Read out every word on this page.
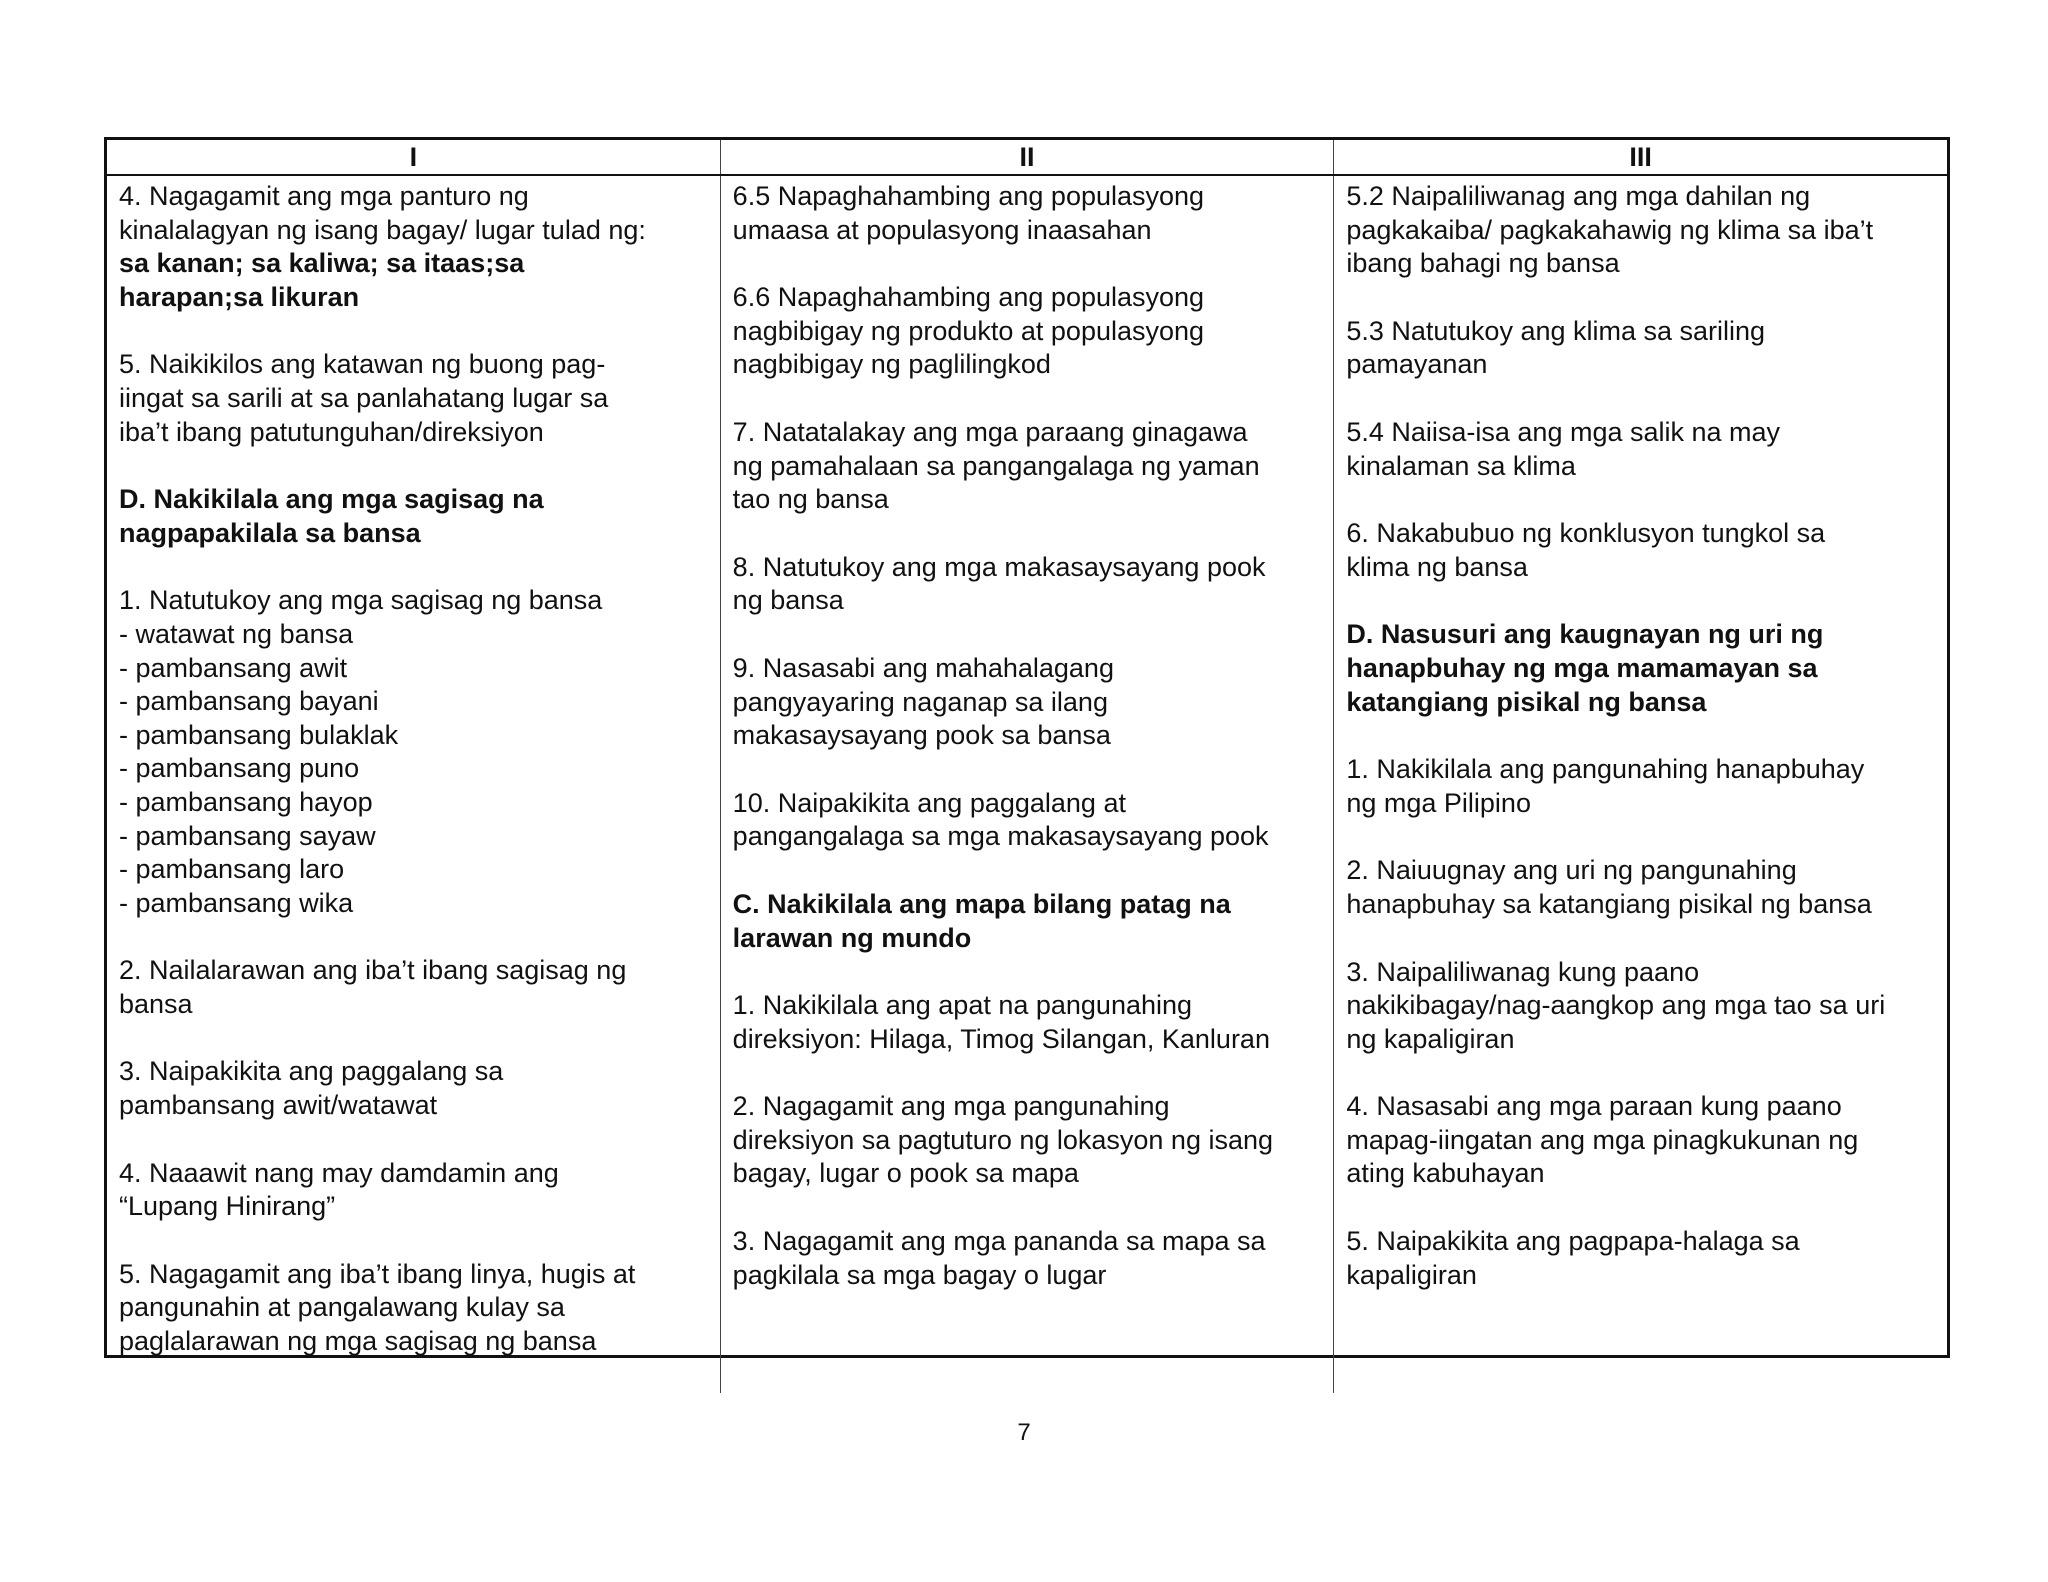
I	II	III
4. Nagagamit ang mga panturo ng
kinalalagyan ng isang bagay/ lugar tulad ng:
sa kanan; sa kaliwa; sa itaas;sa
harapan;sa likuran
5. Naikikilos ang katawan ng buong pag-
iingat sa sarili at sa panlahatang lugar sa
iba’t ibang patutunguhan/direksiyon
D. Nakikilala ang mga sagisag na
nagpapakilala sa bansa
1. Natutukoy ang mga sagisag ng bansa
- watawat ng bansa
- pambansang awit
- pambansang bayani
- pambansang bulaklak
- pambansang puno
- pambansang hayop
- pambansang sayaw
- pambansang laro
- pambansang wika
2. Nailalarawan ang iba’t ibang sagisag ng
bansa
3. Naipakikita ang paggalang sa
pambansang awit/watawat
4. Naaawit nang may damdamin ang
“Lupang Hinirang”
5. Nagagamit ang iba’t ibang linya, hugis at
pangunahin at pangalawang kulay sa
paglalarawan ng mga sagisag ng bansa
6.5 Napaghahambing ang populasyong
umaasa at populasyong inaasahan
6.6 Napaghahambing ang populasyong
nagbibigay ng produkto at populasyong
nagbibigay ng paglilingkod
7. Natatalakay ang mga paraang ginagawa
ng pamahalaan sa pangangalaga ng yaman
tao ng bansa
8. Natutukoy ang mga makasaysayang pook
ng bansa
9. Nasasabi ang mahahalagang
pangyayaring naganap sa ilang
makasaysayang pook sa bansa
10. Naipakikita ang paggalang at
pangangalaga sa mga makasaysayang pook
C. Nakikilala ang mapa bilang patag na
larawan ng mundo
1. Nakikilala ang apat na pangunahing
direksiyon: Hilaga, Timog Silangan, Kanluran
2. Nagagamit ang mga pangunahing
direksiyon sa pagtuturo ng lokasyon ng isang
bagay, lugar o pook sa mapa
3. Nagagamit ang mga pananda sa mapa sa
pagkilala sa mga bagay o lugar
5.2 Naipaliliwanag ang mga dahilan ng
pagkakaiba/ pagkakahawig ng klima sa iba’t
ibang bahagi ng bansa
5.3 Natutukoy ang klima sa sariling
pamayanan
5.4 Naiisa-isa ang mga salik na may
kinalaman sa klima
6. Nakabubuo ng konklusyon tungkol sa
klima ng bansa
D. Nasusuri ang kaugnayan ng uri ng
hanapbuhay ng mga mamamayan sa
katangiang pisikal ng bansa
1. Nakikilala ang pangunahing hanapbuhay
ng mga Pilipino
2. Naiuugnay ang uri ng pangunahing
hanapbuhay sa katangiang pisikal ng bansa
3. Naipaliliwanag kung paano
nakikibagay/nag-aangkop ang mga tao sa uri
ng kapaligiran
4. Nasasabi ang mga paraan kung paano
mapag-iingatan ang mga pinagkukunan ng
ating kabuhayan
5. Naipakikita ang pagpapa-halaga sa
kapaligiran
7
